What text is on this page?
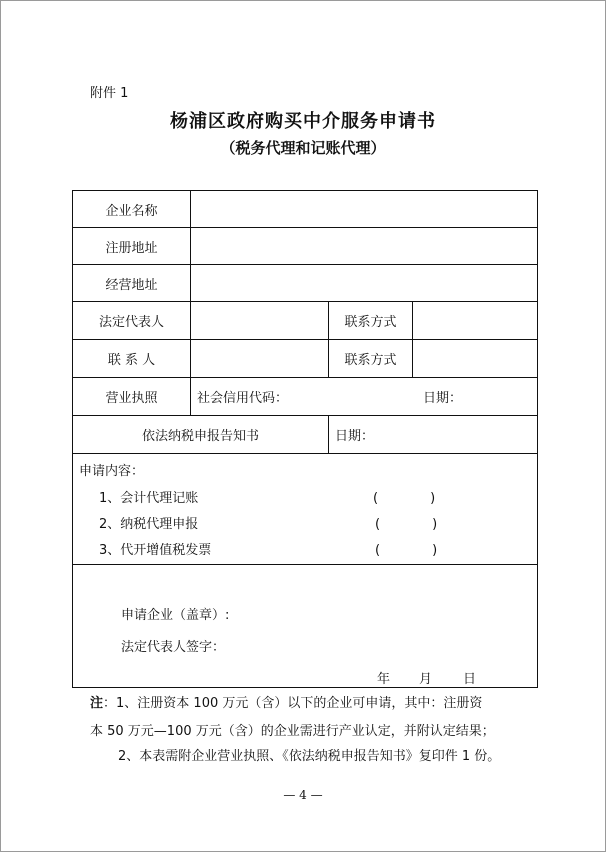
附件 1
杨浦区政府购买中介服务申请书
（税务代理和记账代理）
企业名称
注册地址
经营地址
法定代表人	联系方式
联 系 人	联系方式
营业执照	社会信用代码：	日期：
依法纳税申报告知书	日期：
申请内容：
1、会计代理记账	(　　　　)
2、纳税代理申报	(　　　　)
3、代开增值税发票	(　　　　)
申请企业（盖章）:
法定代表人签字：
年 月 日
注：1、注册资本 100 万元（含）以下的企业可申请，其中：注册资
本 50 万元—100 万元（含）的企业需进行产业认定，并附认定结果；
2、本表需附企业营业执照、《依法纳税申报告知书》复印件 1 份。
— 4 —
